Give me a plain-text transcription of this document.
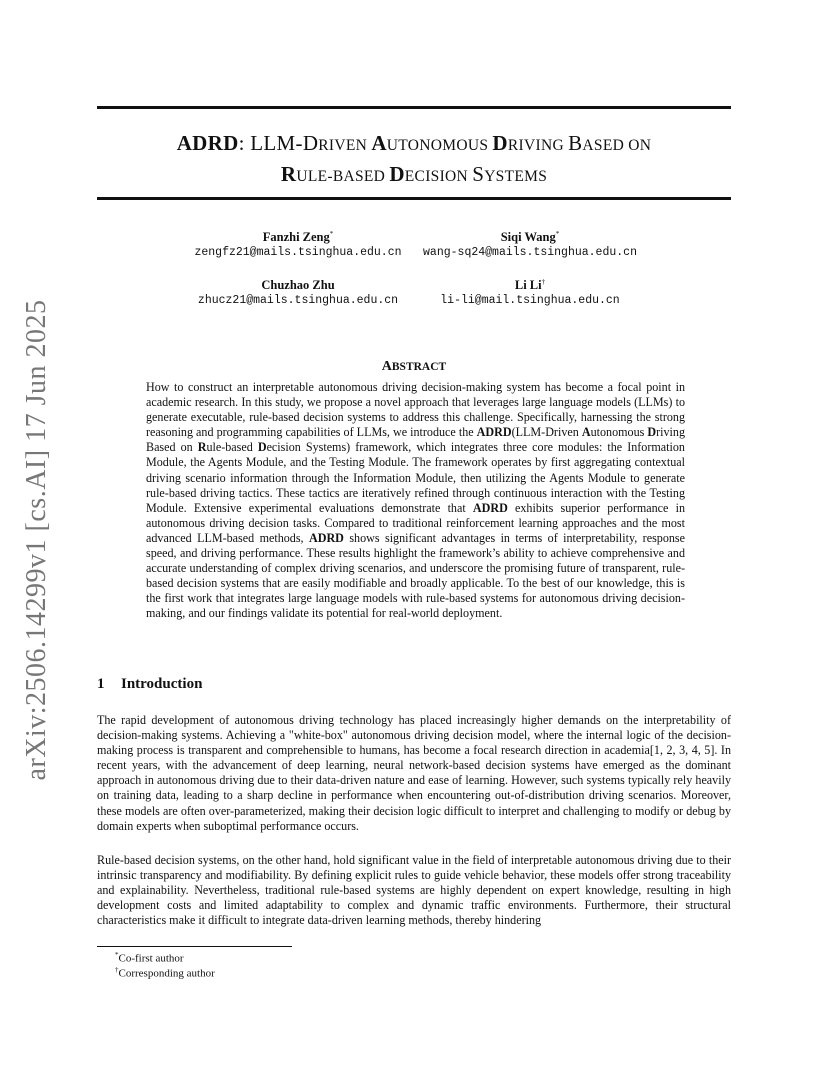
ADRD: LLM-DRIVEN AUTONOMOUS DRIVING BASED ON
RULE-BASED DECISION SYSTEMS
arXiv:2506.14299v1 [cs.AI] 17 Jun 2025
Fanzhi Zeng*
zengfz21@mails.tsinghua.edu.cn
Siqi Wang*
wang-sq24@mails.tsinghua.edu.cn
Chuzhao Zhu
zhucz21@mails.tsinghua.edu.cn
Li Li†
li-li@mail.tsinghua.edu.cn
ABSTRACT

How to construct an interpretable autonomous driving decision-making system has become a focal point in academic research. In this study, we propose a novel approach that leverages large language models (LLMs) to generate executable, rule-based decision systems to address this challenge. Specifically, harnessing the strong reasoning and programming capabilities of LLMs, we introduce the ADRD(LLM-Driven Autonomous Driving Based on Rule-based Decision Systems) framework, which integrates three core modules: the Information Module, the Agents Module, and the Testing Module. The framework operates by first aggregating contextual driving scenario information through the Information Module, then utilizing the Agents Module to generate rule-based driving tactics. These tactics are iteratively refined through continuous interaction with the Testing Module. Extensive experimental evaluations demonstrate that ADRD exhibits superior performance in autonomous driving decision tasks. Compared to traditional reinforcement learning approaches and the most advanced LLM-based methods, ADRD shows significant advantages in terms of interpretability, response speed, and driving performance. These results highlight the framework’s ability to achieve comprehensive and accurate understanding of complex driving scenarios, and underscore the promising future of transparent, rule-based decision systems that are easily modifiable and broadly applicable. To the best of our knowledge, this is the first work that integrates large language models with rule-based systems for autonomous driving decision-making, and our findings validate its potential for real-world deployment.

1 Introduction

The rapid development of autonomous driving technology has placed increasingly higher demands on the interpretability of decision-making systems. Achieving a "white-box" autonomous driving decision model, where the internal logic of the decision-making process is transparent and comprehensible to humans, has become a focal research direction in academia[1, 2, 3, 4, 5]. In recent years, with the advancement of deep learning, neural network-based decision systems have emerged as the dominant approach in autonomous driving due to their data-driven nature and ease of learning. However, such systems typically rely heavily on training data, leading to a sharp decline in performance when encountering out-of-distribution driving scenarios. Moreover, these models are often over-parameterized, making their decision logic difficult to interpret and challenging to modify or debug by domain experts when suboptimal performance occurs.

Rule-based decision systems, on the other hand, hold significant value in the field of interpretable autonomous driving due to their intrinsic transparency and modifiability. By defining explicit rules to guide vehicle behavior, these models offer strong traceability and explainability. Nevertheless, traditional rule-based systems are highly dependent on expert knowledge, resulting in high development costs and limited adaptability to complex and dynamic traffic environments. Furthermore, their structural characteristics make it difficult to integrate data-driven learning methods, thereby hindering

*Co-first author
†Corresponding author
